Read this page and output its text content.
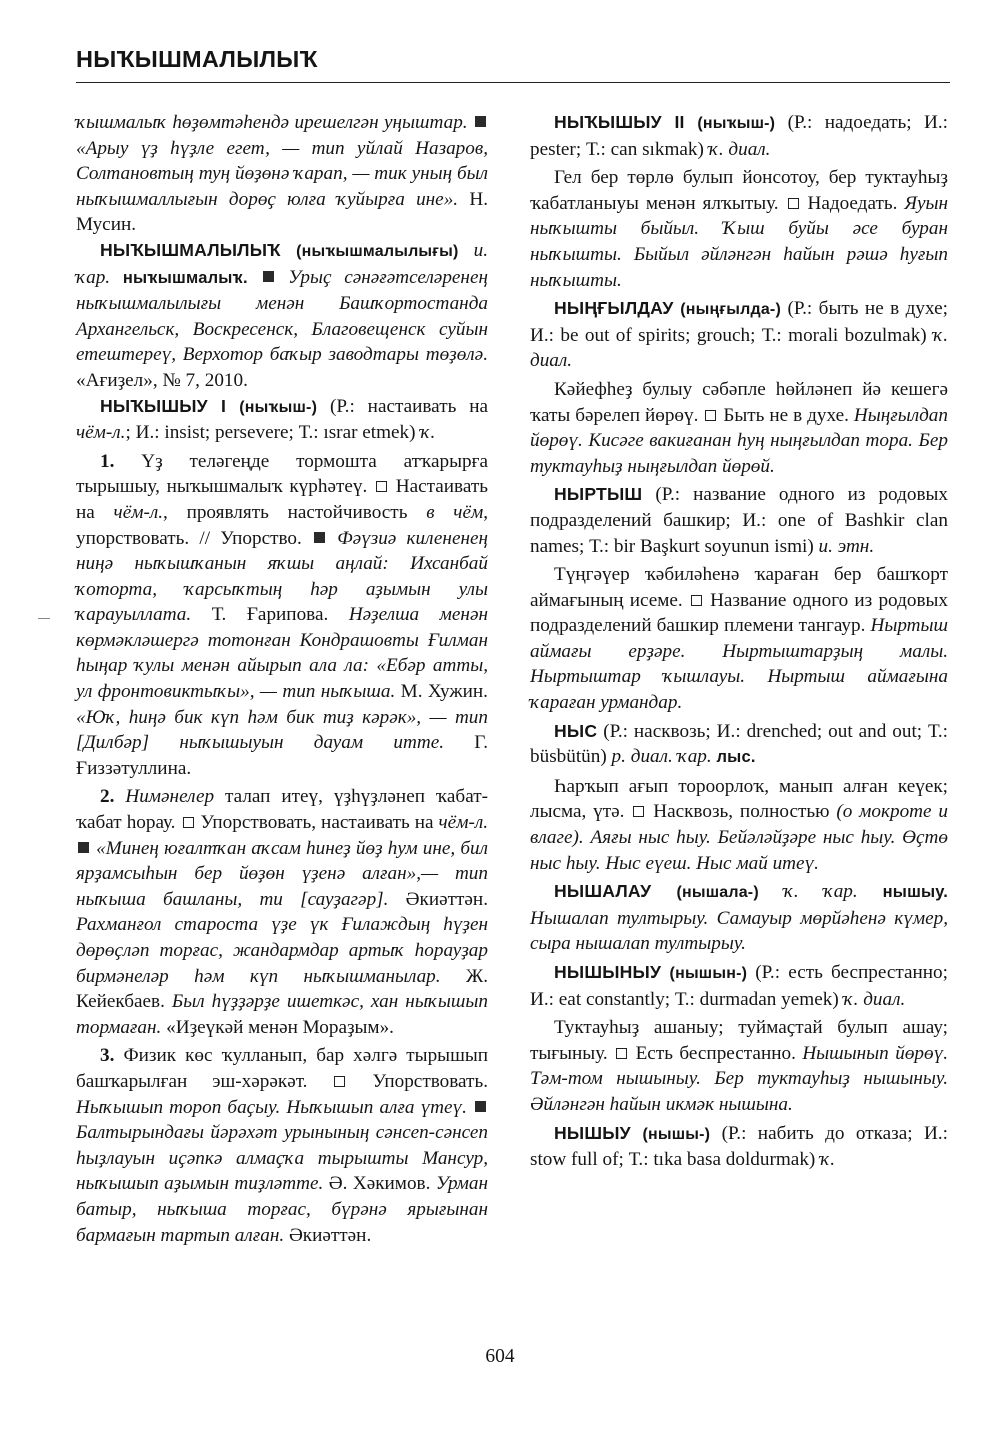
НЫҠЫШМАЛЫЛЫҠ

ҡышмалыҡ һөҙөмтәһендә ирешелгән уңыштар.  «Арыу үҙ һүҙле егет, — тип уйлай Назаров, Солтановтың туң йөҙөнә ҡарап, — тик уның был ныҡышмаллығын дорөҫ юлға ҡуйырға ине». Н. Мусин.

НЫҠЫШМАЛЫЛЫҠ (ныҡышмалылығы) и. ҡар. ныҡышмалыҡ. Урыҫ сәнәғәтселәренең ныҡышмалылығы менән Башҡортостанда Архангельск, Воскресенск, Благовещенск суйын етештереү, Верхотор баҡыр заводтары төҙөлә. «Ағиҙел», № 7, 2010.

НЫҠЫШЫУ I (ныҡыш-) (Р.: настаивать на чём-л.; И.: insist; persevere; Т.: ısrar etmek) ҡ.

1. Үҙ теләгеңде тормошта атҡарырға тырышыу, ныҡышмалыҡ күрһәтеү.  Настаивать на чём-л., проявлять настойчивость в чём, упорствовать. // Упорство.  Фәүзиә килененең ниңә ныҡышҡанын яҡшы аңлай: Ихсанбай ҡоторта, ҡарсыҡтың һәр аҙымын улы ҡарауыллата. Т. Ғарипова. Нәҙелша менән көрмәкләшергә тотонған Кондрашовты Ғилман һыңар ҡулы менән айырып ала ла: «Ебәр атты, ул фронтовиктыҡы», — тип ныҡыша. М. Хужин. «Юҡ, һиңә бик күп һәм бик тиҙ кәрәк», — тип [Дилбәр] ныҡышыуын дауам итте. Г. Ғиззәтуллина.

2. Нимәнелер талап итеү, үҙһүҙләнеп ҡабат-ҡабат һорау.  Упорствовать, настаивать на чём-л.  «Минең юғалтҡан аҡсам һинеҙ йөҙ һум ине, бил ярҙамсыһын бер йөҙөн үҙенә алған»,— тип ныҡыша башланы, ти [сауҙагәр]. Әкиәттән. Рахманғол староста үҙе үк Ғилаждың һүҙен дөрөҫләп торғас, жандармдар артыҡ һорауҙар бирмәнеләр һәм күп ныҡышманылар. Ж. Кейекбаев. Был һүҙҙәрҙе ишеткәс, хан ныҡышып тормаған. «Иҙеүкәй менән Мораҙым».

3. Физик көс ҡулланып, бар хәлгә тырышып башҡарылған эш-хәрәкәт.  Упорствовать. Ныҡышып тороп баҫыу. Ныҡышып алға үтеү.  Балтырындағы йәрәхәт урынының сәнсеп-сәнсеп һыҙлауын иҫәпкә алмаҫҡа тырышты Мансур, ныҡышып аҙымын тиҙләтте. Ә. Хәкимов. Урман батыр, ныҡыша торғас, бүрәнә ярығынан бармағын тартып алған. Әкиәттән.

НЫҠЫШЫУ II (ныҡыш-) (Р.: надоедать; И.: pester; Т.: can sıkmak) ҡ. диал.

Гел бер төрлө булып йонсотоу, бер туктауһыҙ ҡабатланыуы менән ялҡытыу.  Надоедать. Яуын ныҡышты быйыл. Ҡыш буйы әсе буран ныҡышты. Быйыл әйләнгән һайын рәшә һуғып ныҡышты.

НЫҢҒЫЛДАУ (ныңғылда-) (Р.: быть не в духе; И.: be out of spirits; grouch; Т.: morali bozulmak) ҡ. диал.

Кәйефһеҙ булыу сәбәпле һөйләнеп йә кешегә ҡаты бәрелеп йөрөү.  Быть не в духе. Ныңғылдап йөрөү. Кисәге вакиғанан һуң ныңғылдап тора. Бер туктауһыҙ ныңғылдап йөрөй.

НЫРТЫШ (Р.: название одного из родовых подразделений башкир; И.: one of Bashkir clan names; Т.: bir Başkurt soyunun ismi) и. этн.

Түңгәүер ҡәбиләһенә ҡараған бер башҡорт аймағының исеме.  Название одного из родовых подразделений башкир племени тангаур. Ныртыш аймағы ерҙәре. Ныртыштарҙың малы. Ныртыштар ҡышлауы. Ныртыш аймағына ҡараған урмандар.

НЫС (Р.: насквозь; И.: drenched; out and out; Т.: büsbütün) р. диал. ҡар. лыс.

Һарҡып ағып тороорлоҡ, манып алған кеүек; лысма, үтә.  Насквозь, полностью (о мокроте и влаге). Аяғы ныс һыу. Бейәләйҙәре ныс һыу. Өҫтө ныс һыу. Ныс еүеш. Ныс май итеү.

НЫШАЛАУ (нышала-) ҡ. ҡар. нышыу. Нышалап тултырыу. Самауыр мөрйәһенә күмер, сыра нышалап тултырыу.

НЫШЫНЫУ (нышын-) (Р.: есть беспрестанно; И.: eat constantly; Т.: durmadan yemek) ҡ. диал.

Туктауһыҙ ашаныу; туймаҫтай булып ашау; тығыныу.  Есть беспрестанно. Нышынып йөрөү. Тәм-том нышыныу. Бер туктауһыҙ нышыныу. Әйләнгән һайын икмәк нышына.

НЫШЫУ (нышы-) (Р.: набить до отказа; И.: stow full of; Т.: tıka basa doldurmak) ҡ.

604
